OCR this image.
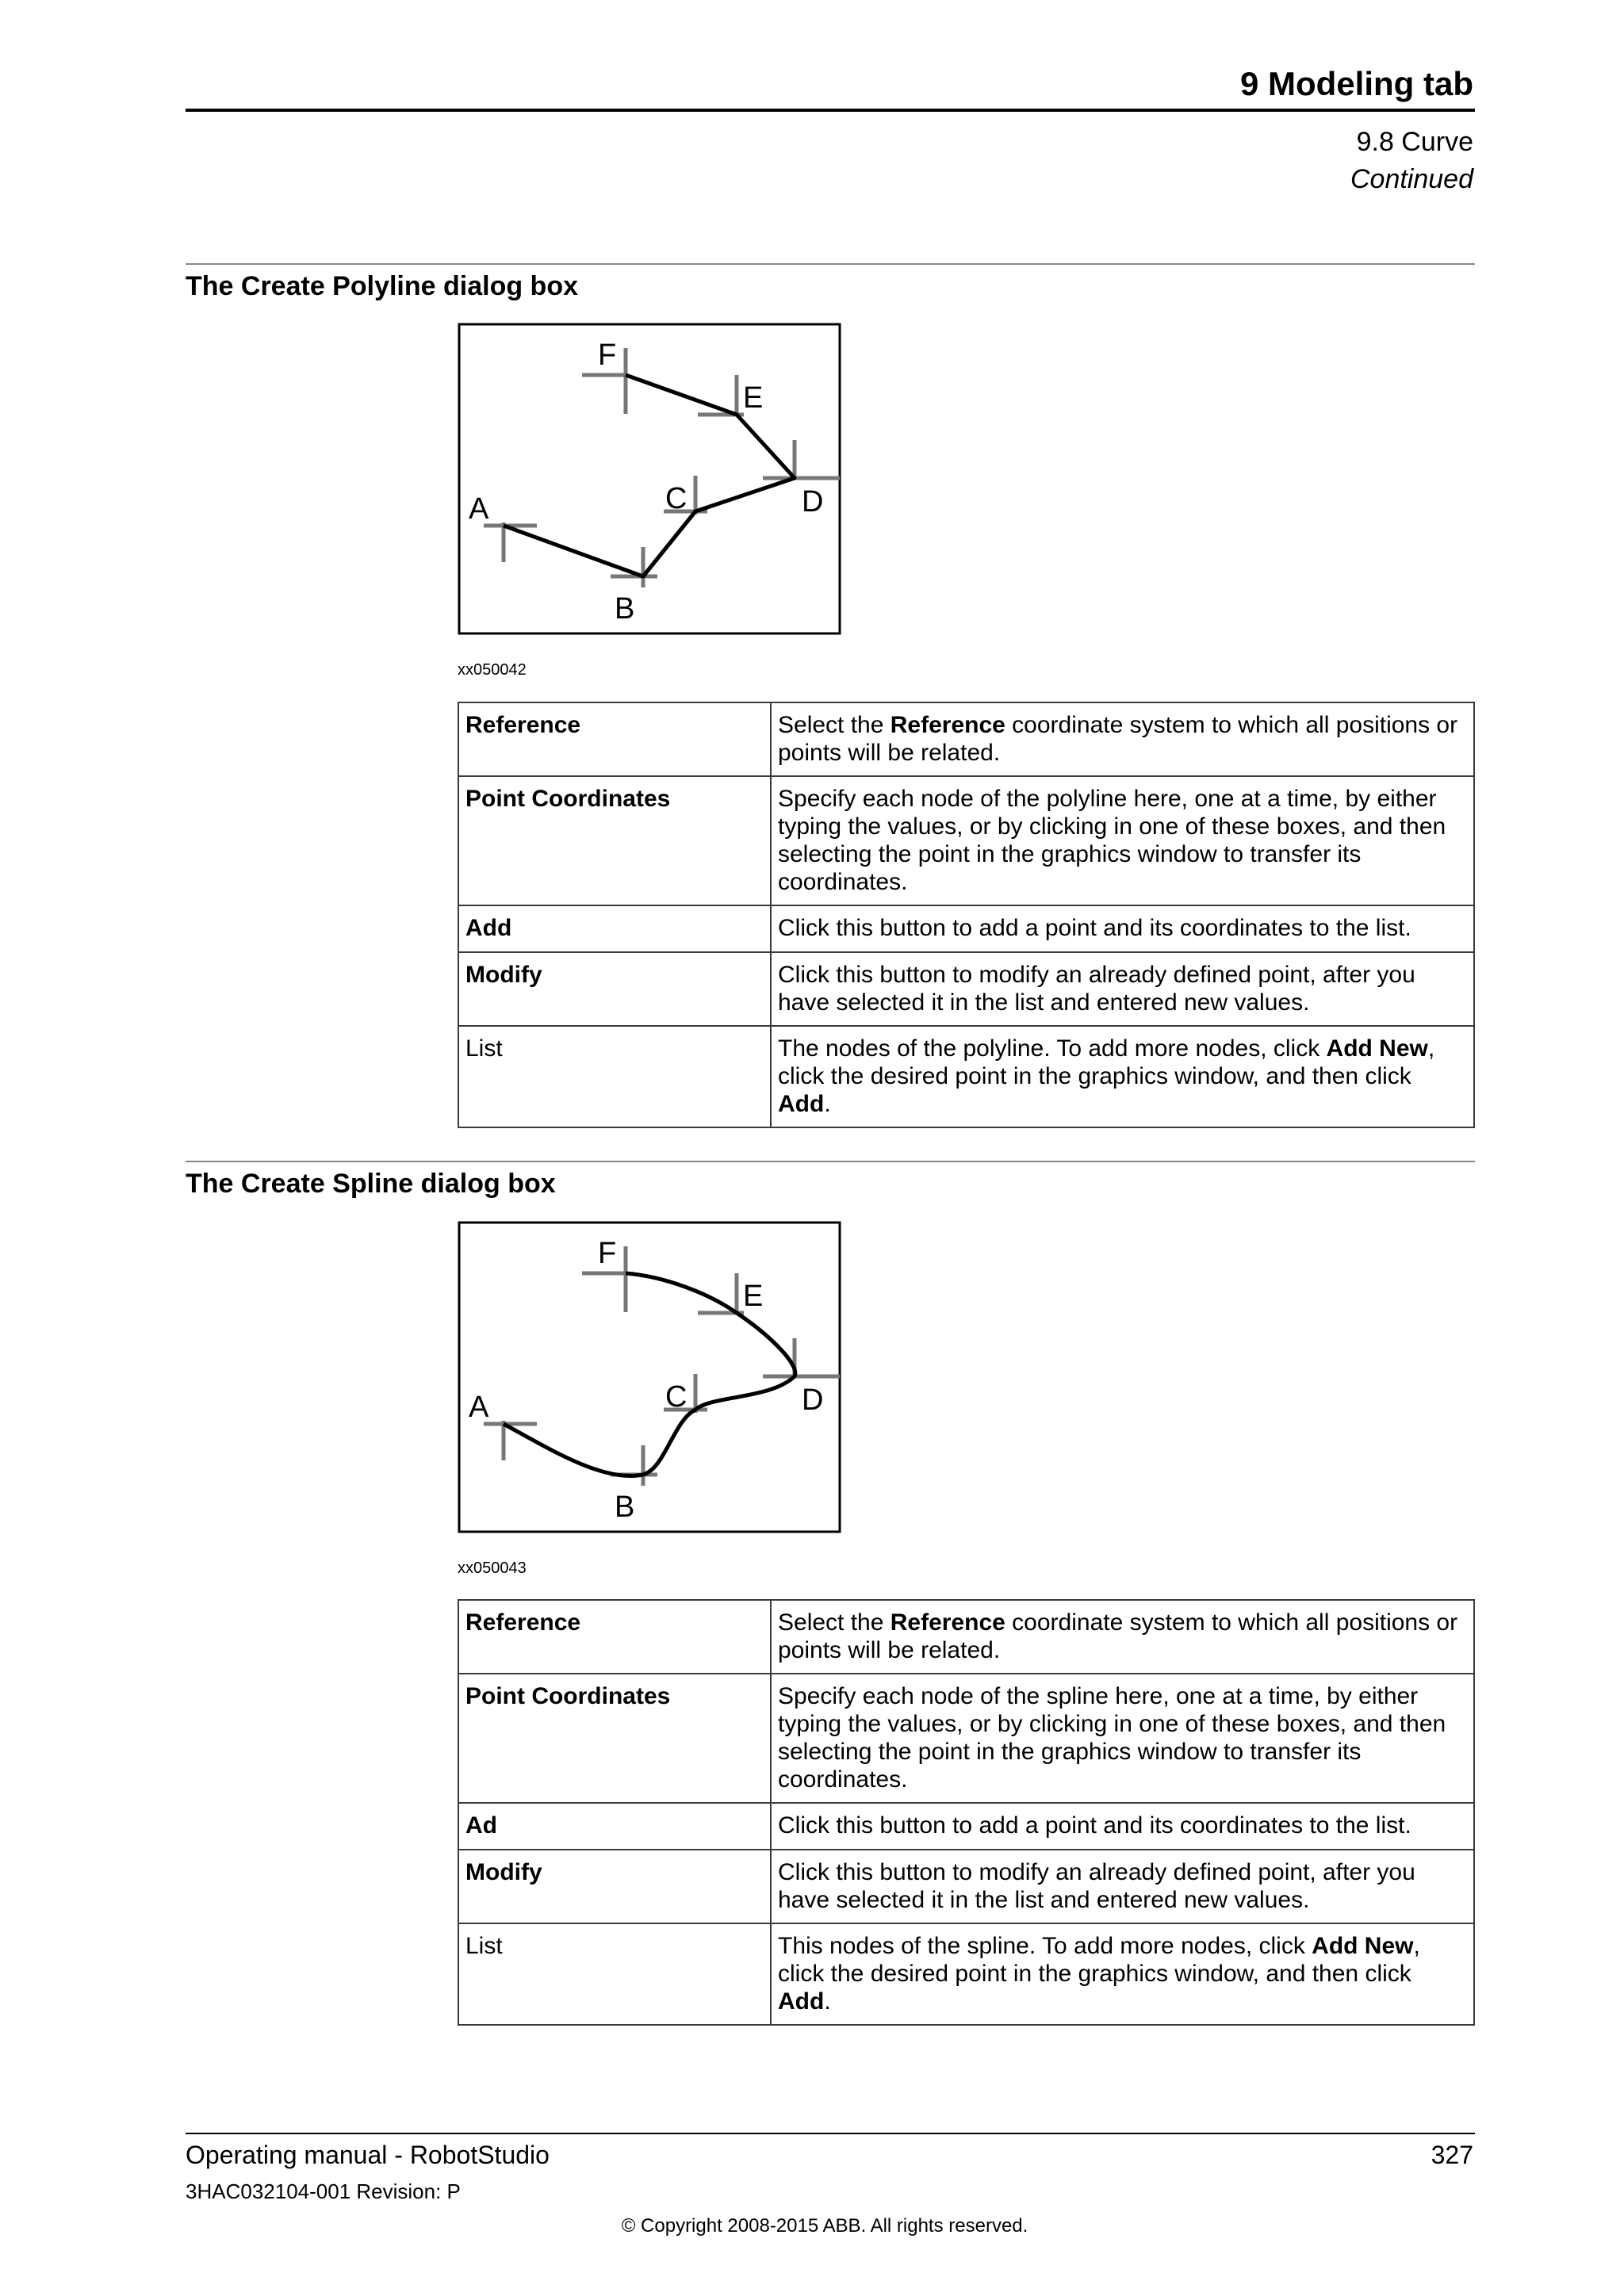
9 Modeling tab
9.8 Curve
Continued
The Create Polyline dialog box
A
B
C	D
E
F
xx050042
Reference	Select the Reference coordinate system to which all positions or points will be related.
Point Coordinates	Specify each node of the polyline here, one at a time, by either typing the values, or by clicking in one of these boxes, and then selecting the point in the graphics window to transfer its coordinates.
Add	Click this button to add a point and its coordinates to the list.
Modify	Click this button to modify an already defined point, after you have selected it in the list and entered new values.
List	The nodes of the polyline. To add more nodes, click Add New, click the desired point in the graphics window, and then click Add.
The Create Spline dialog box
A
B
C	D
E
F
xx050043
Reference	Select the Reference coordinate system to which all positions or points will be related.
Point Coordinates	Specify each node of the spline here, one at a time, by either typing the values, or by clicking in one of these boxes, and then selecting the point in the graphics window to transfer its coordinates.
Ad	Click this button to add a point and its coordinates to the list.
Modify	Click this button to modify an already defined point, after you have selected it in the list and entered new values.
List	This nodes of the spline. To add more nodes, click Add New, click the desired point in the graphics window, and then click Add.
Operating manual - RobotStudio	327
3HAC032104-001 Revision: P
© Copyright 2008-2015 ABB. All rights reserved.
